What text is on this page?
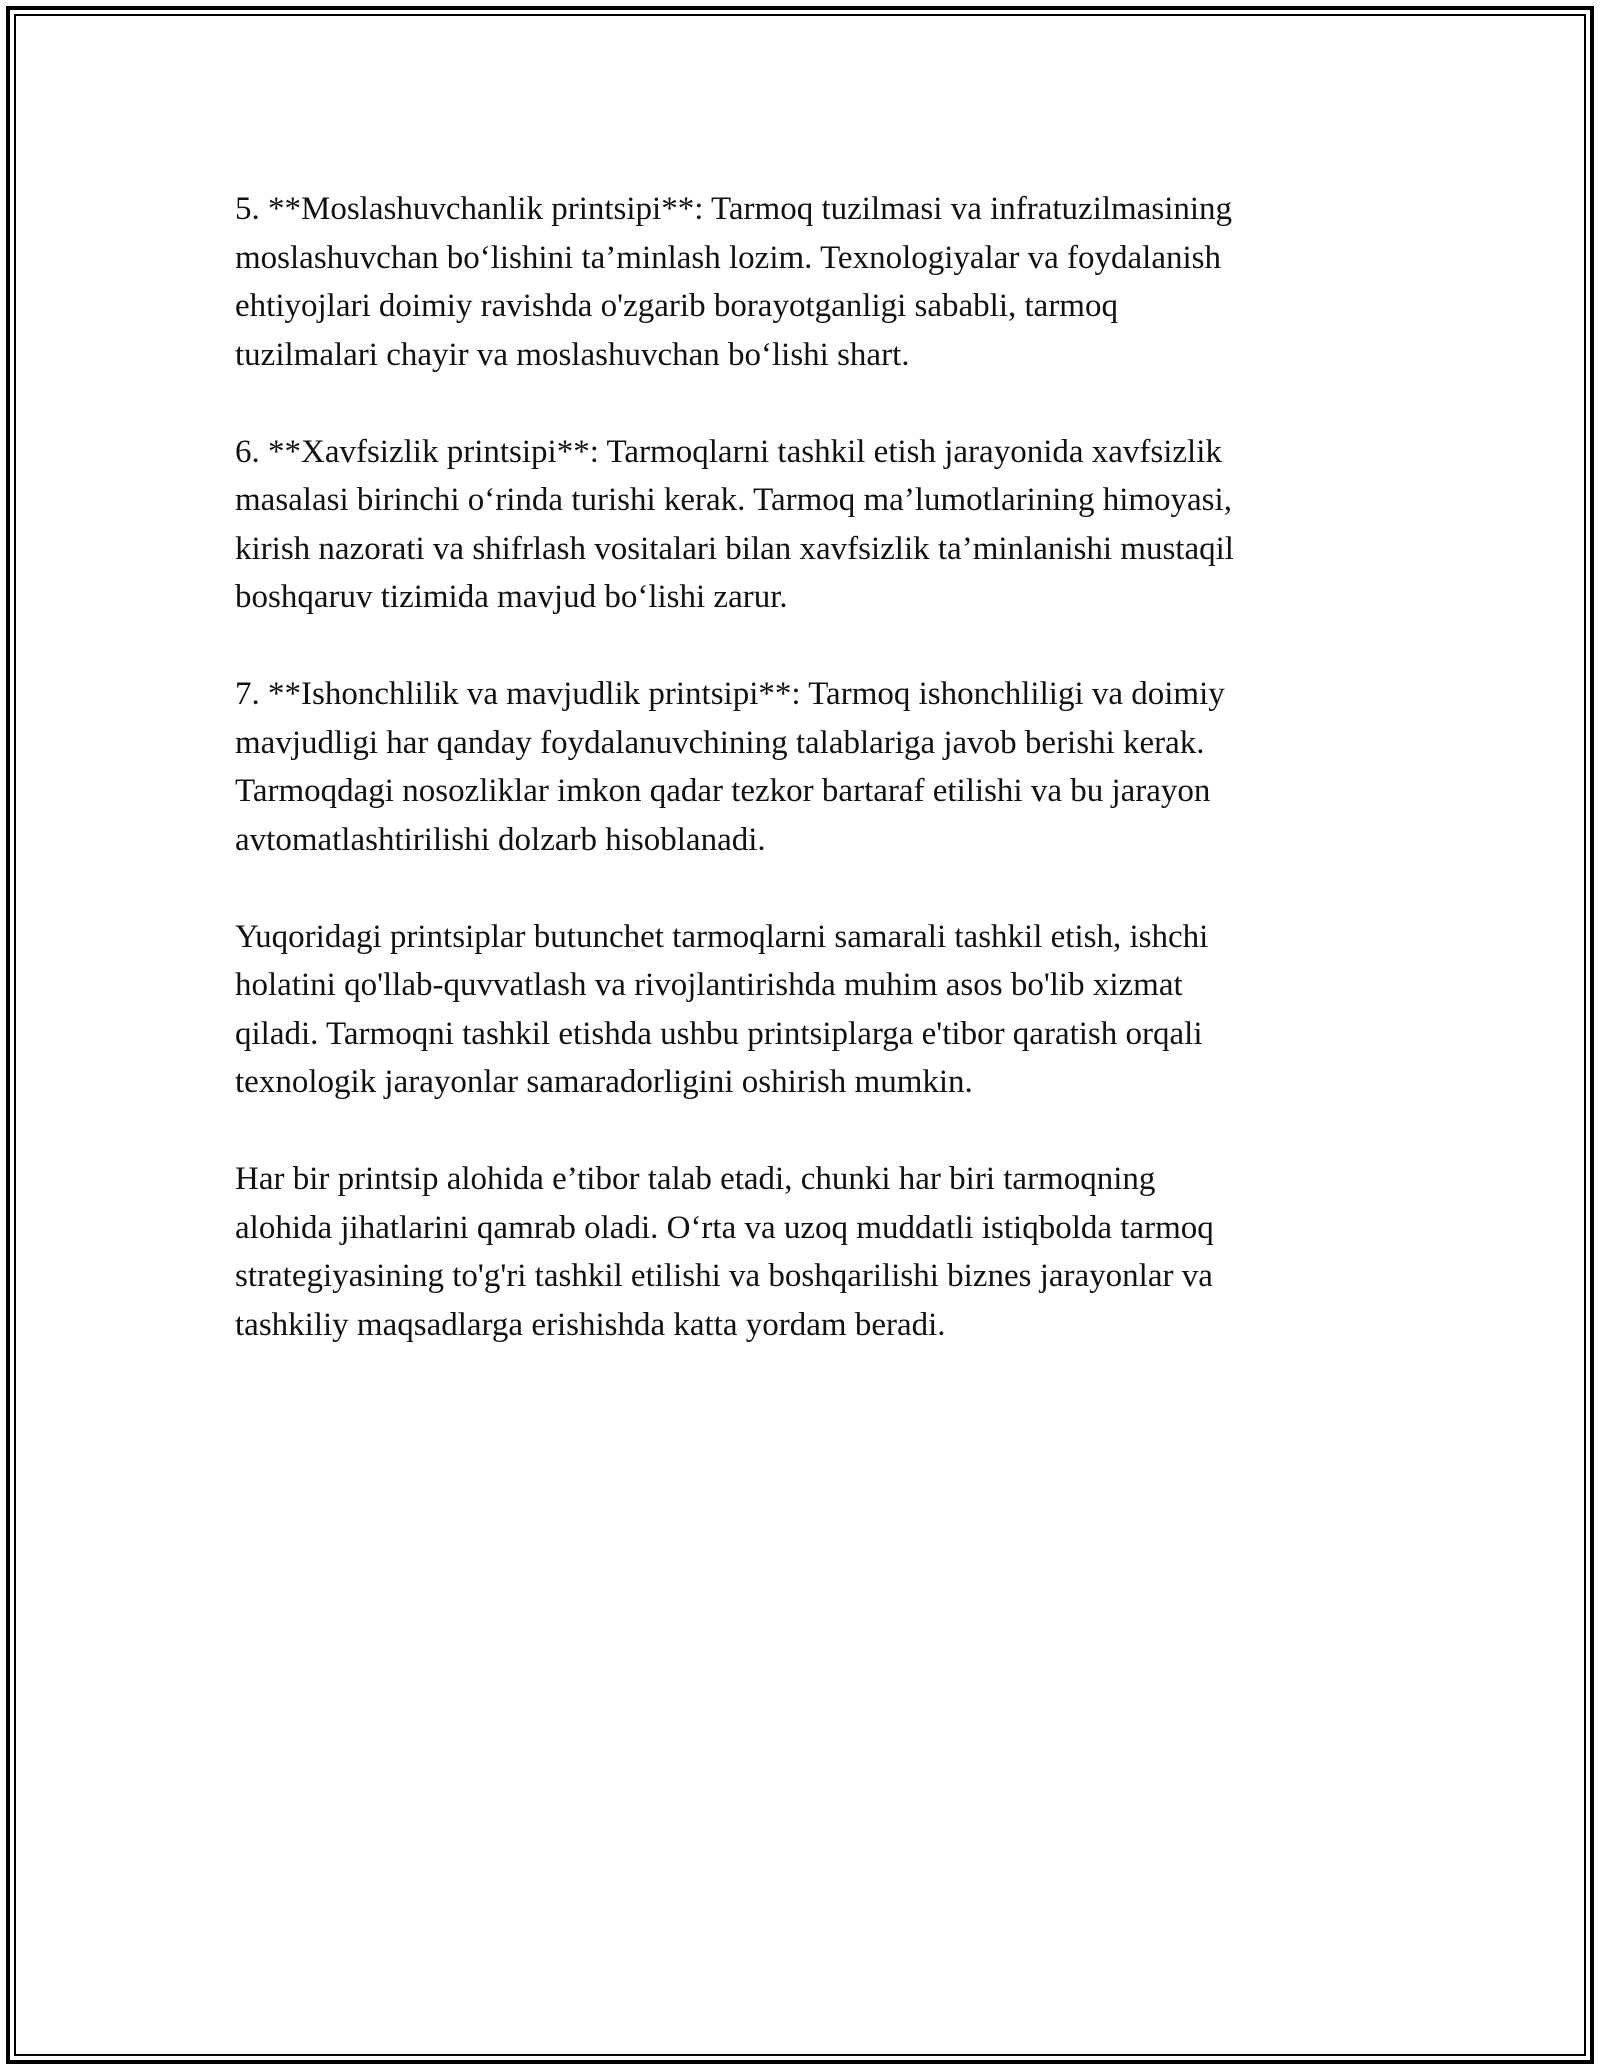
5. **Moslashuvchanlik printsipi**: Tarmoq tuzilmasi va infratuzilmasining
moslashuvchan bo‘lishini ta’minlash lozim. Texnologiyalar va foydalanish
ehtiyojlari doimiy ravishda o'zgarib borayotganligi sababli, tarmoq
tuzilmalari chayir va moslashuvchan bo‘lishi shart.

6. **Xavfsizlik printsipi**: Tarmoqlarni tashkil etish jarayonida xavfsizlik
masalasi birinchi o‘rinda turishi kerak. Tarmoq ma’lumotlarining himoyasi,
kirish nazorati va shifrlash vositalari bilan xavfsizlik ta’minlanishi mustaqil
boshqaruv tizimida mavjud bo‘lishi zarur.

7. **Ishonchlilik va mavjudlik printsipi**: Tarmoq ishonchliligi va doimiy
mavjudligi har qanday foydalanuvchining talablariga javob berishi kerak.
Tarmoqdagi nosozliklar imkon qadar tezkor bartaraf etilishi va bu jarayon
avtomatlashtirilishi dolzarb hisoblanadi.

Yuqoridagi printsiplar butunchet tarmoqlarni samarali tashkil etish, ishchi
holatini qo'llab-quvvatlash va rivojlantirishda muhim asos bo'lib xizmat
qiladi. Tarmoqni tashkil etishda ushbu printsiplarga e'tibor qaratish orqali
texnologik jarayonlar samaradorligini oshirish mumkin.

Har bir printsip alohida e’tibor talab etadi, chunki har biri tarmoqning
alohida jihatlarini qamrab oladi. O‘rta va uzoq muddatli istiqbolda tarmoq
strategiyasining to'g'ri tashkil etilishi va boshqarilishi biznes jarayonlar va
tashkiliy maqsadlarga erishishda katta yordam beradi.
